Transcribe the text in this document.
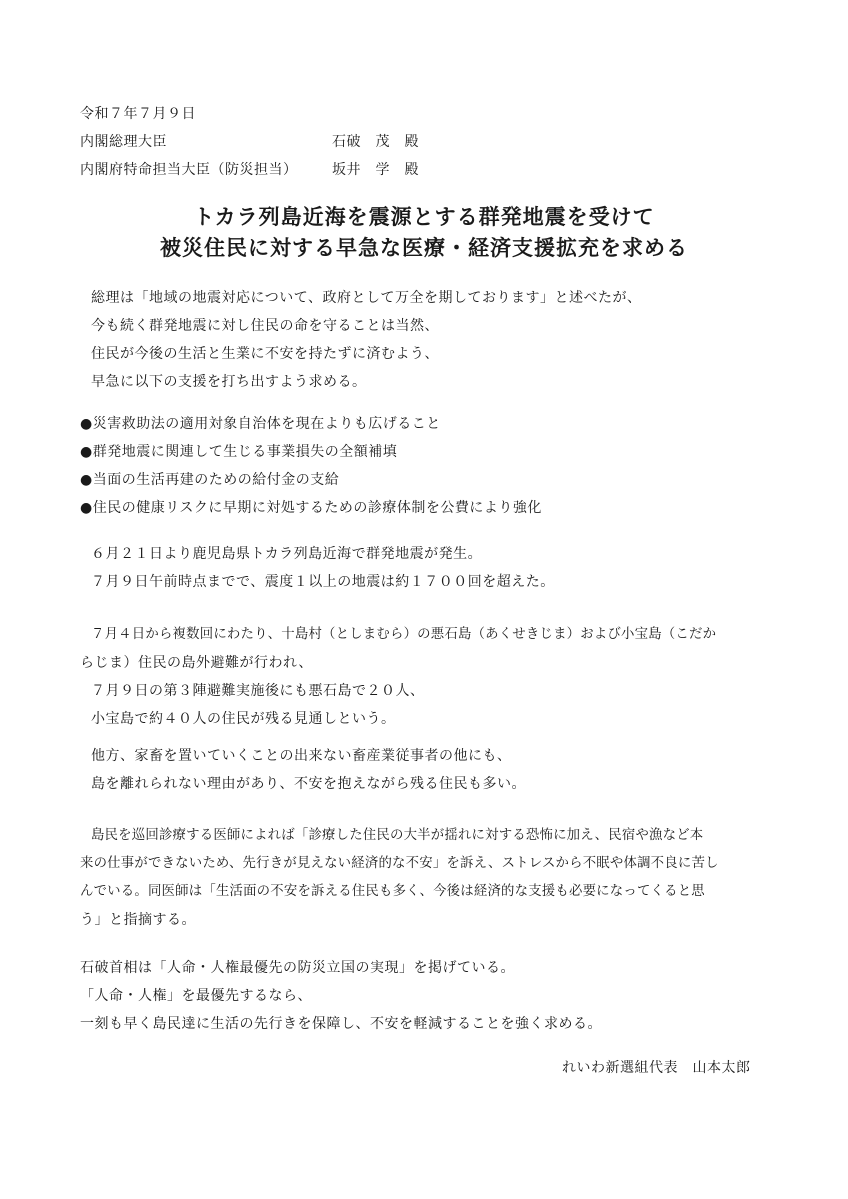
令和７年７月９日
内閣総理大臣	石破　茂　殿
内閣府特命担当大臣（防災担当） 坂井　学　殿
トカラ列島近海を震源とする群発地震を受けて
被災住民に対する早急な医療・経済支援拡充を求める
総理は「地域の地震対応について、政府として万全を期しております」と述べたが、
今も続く群発地震に対し住民の命を守ることは当然、
住民が今後の生活と生業に不安を持たずに済むよう、
早急に以下の支援を打ち出すよう求める。
●災害救助法の適用対象自治体を現在よりも広げること
●群発地震に関連して生じる事業損失の全額補填
●当面の生活再建のための給付金の支給
●住民の健康リスクに早期に対処するための診療体制を公費により強化
６月２１日より鹿児島県トカラ列島近海で群発地震が発生。
７月９日午前時点までで、震度１以上の地震は約１７００回を超えた。
７月４日から複数回にわたり、十島村（としまむら）の悪石島（あくせきじま）および小宝島（こだか
らじま）住民の島外避難が行われ、
７月９日の第３陣避難実施後にも悪石島で２０人、
小宝島で約４０人の住民が残る見通しという。
他方、家畜を置いていくことの出来ない畜産業従事者の他にも、
島を離れられない理由があり、不安を抱えながら残る住民も多い。
島民を巡回診療する医師によれば「診療した住民の大半が揺れに対する恐怖に加え、民宿や漁など本
来の仕事ができないため、先行きが見えない経済的な不安」を訴え、ストレスから不眠や体調不良に苦し
んでいる。同医師は「生活面の不安を訴える住民も多く、今後は経済的な支援も必要になってくると思
う」と指摘する。
石破首相は「人命・人権最優先の防災立国の実現」を掲げている。
「人命・人権」を最優先するなら、
一刻も早く島民達に生活の先行きを保障し、不安を軽減することを強く求める。
れいわ新選組代表　山本太郎
